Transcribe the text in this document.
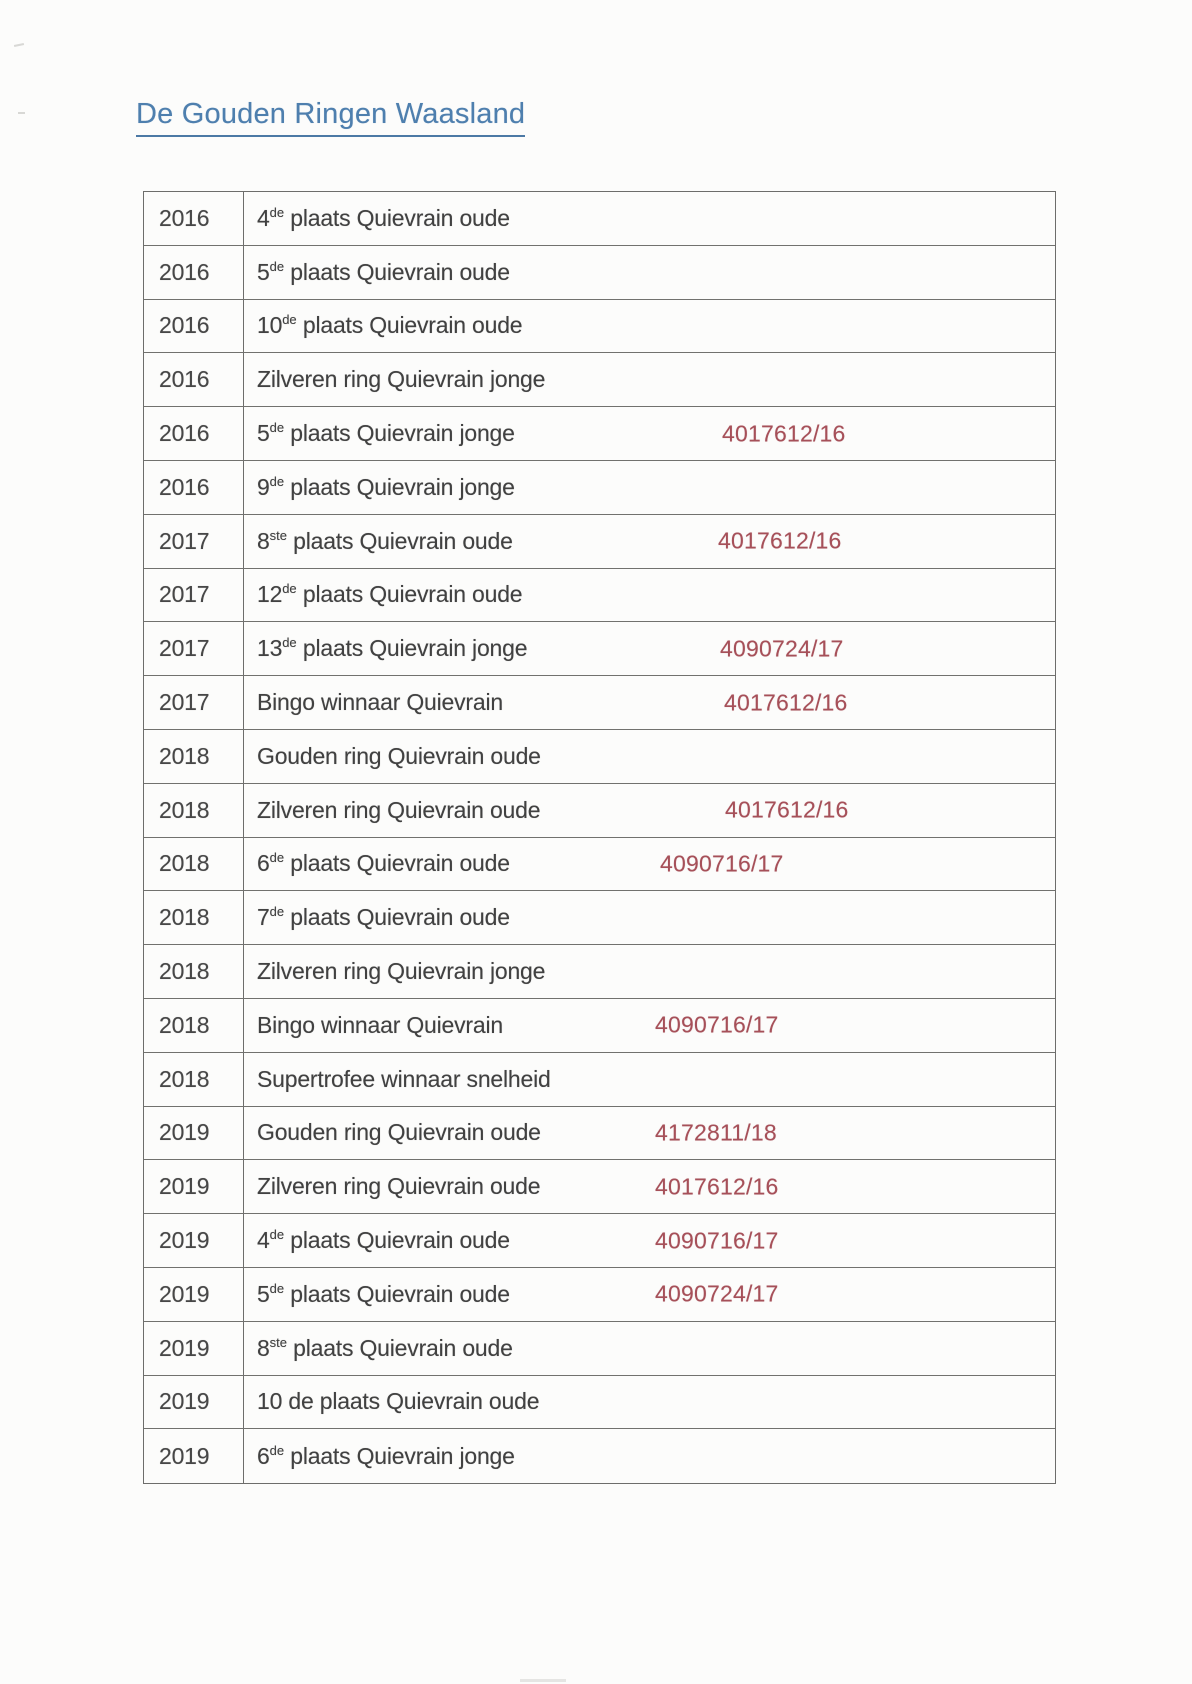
De Gouden Ringen Waasland
2016 4de plaats Quievrain oude
2016 5de plaats Quievrain oude
2016 10de plaats Quievrain oude
2016 Zilveren ring Quievrain jonge
2016 5de plaats Quievrain jonge	4017612/16
2016 9de plaats Quievrain jonge
2017 8ste plaats Quievrain oude	4017612/16
2017 12de plaats Quievrain oude
2017 13de plaats Quievrain jonge	4090724/17
2017 Bingo winnaar Quievrain	4017612/16
2018 Gouden ring Quievrain oude
2018 Zilveren ring Quievrain oude	4017612/16
2018 6de plaats Quievrain oude	4090716/17
2018 7de plaats Quievrain oude
2018 Zilveren ring Quievrain jonge
2018 Bingo winnaar Quievrain	4090716/17
2018 Supertrofee winnaar snelheid
2019 Gouden ring Quievrain oude	4172811/18
2019 Zilveren ring Quievrain oude	4017612/16
2019 4de plaats Quievrain oude	4090716/17
2019 5de plaats Quievrain oude	4090724/17
2019 8ste plaats Quievrain oude
2019 10 de plaats Quievrain oude
2019 6de plaats Quievrain jonge
